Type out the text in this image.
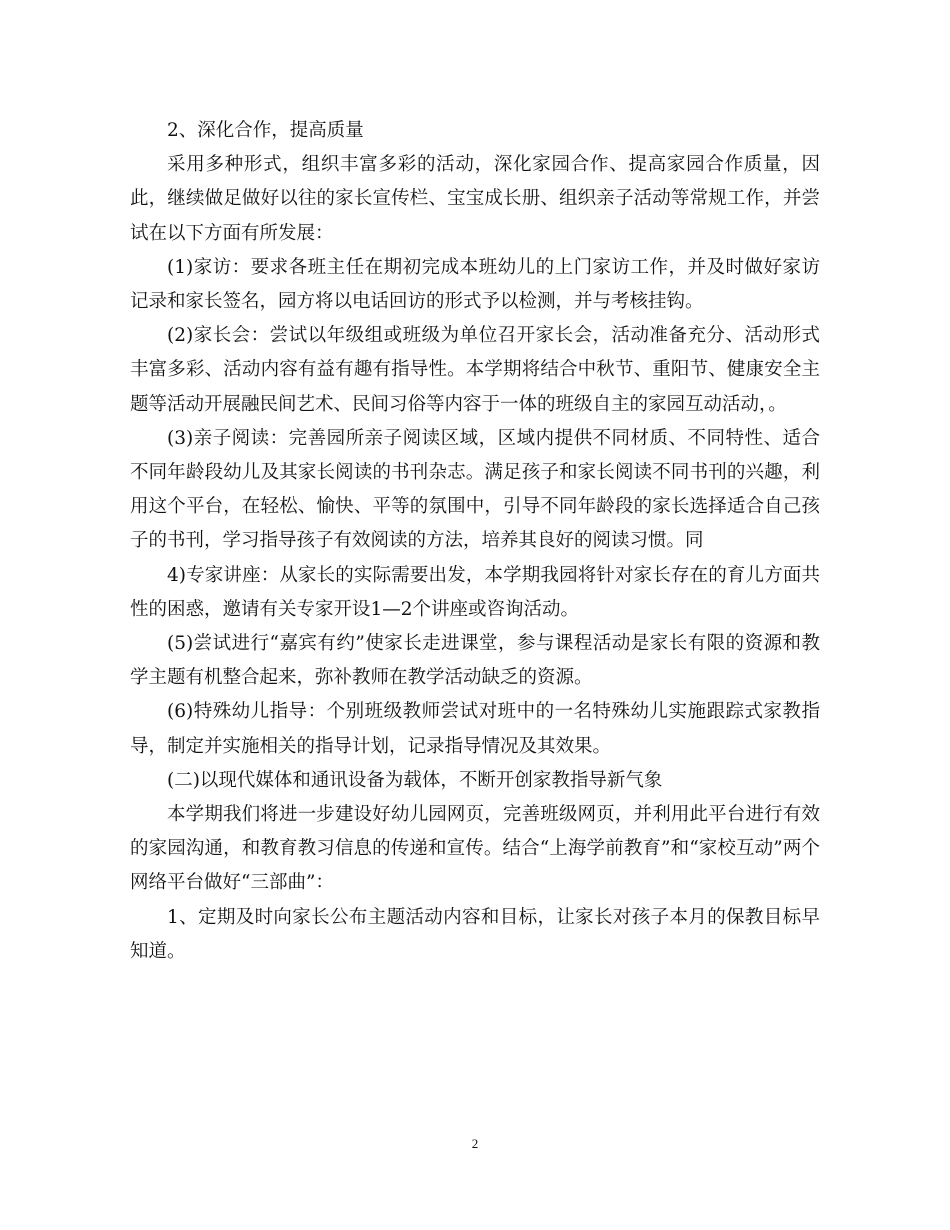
2、深化合作，提高质量

采用多种形式，组织丰富多彩的活动，深化家园合作、提高家园合作质量，因此，继续做足做好以往的家长宣传栏、宝宝成长册、组织亲子活动等常规工作，并尝试在以下方面有所发展：

(1)家访：要求各班主任在期初完成本班幼儿的上门家访工作，并及时做好家访记录和家长签名，园方将以电话回访的形式予以检测，并与考核挂钩。

(2)家长会：尝试以年级组或班级为单位召开家长会，活动准备充分、活动形式丰富多彩、活动内容有益有趣有指导性。本学期将结合中秋节、重阳节、健康安全主题等活动开展融民间艺术、民间习俗等内容于一体的班级自主的家园互动活动，。

(3)亲子阅读：完善园所亲子阅读区域，区域内提供不同材质、不同特性、适合不同年龄段幼儿及其家长阅读的书刊杂志。满足孩子和家长阅读不同书刊的兴趣，利用这个平台，在轻松、愉快、平等的氛围中，引导不同年龄段的家长选择适合自己孩子的书刊，学习指导孩子有效阅读的方法，培养其良好的阅读习惯。同

4)专家讲座：从家长的实际需要出发，本学期我园将针对家长存在的育儿方面共性的困惑，邀请有关专家开设1—2个讲座或咨询活动。

(5)尝试进行“嘉宾有约”使家长走进课堂，参与课程活动是家长有限的资源和教学主题有机整合起来，弥补教师在教学活动缺乏的资源。

(6)特殊幼儿指导：个别班级教师尝试对班中的一名特殊幼儿实施跟踪式家教指导，制定并实施相关的指导计划，记录指导情况及其效果。

(二)以现代媒体和通讯设备为载体，不断开创家教指导新气象

本学期我们将进一步建设好幼儿园网页，完善班级网页，并利用此平台进行有效的家园沟通，和教育教习信息的传递和宣传。结合“上海学前教育”和“家校互动”两个网络平台做好“三部曲”：

1、定期及时向家长公布主题活动内容和目标，让家长对孩子本月的保教目标早知道。

2
